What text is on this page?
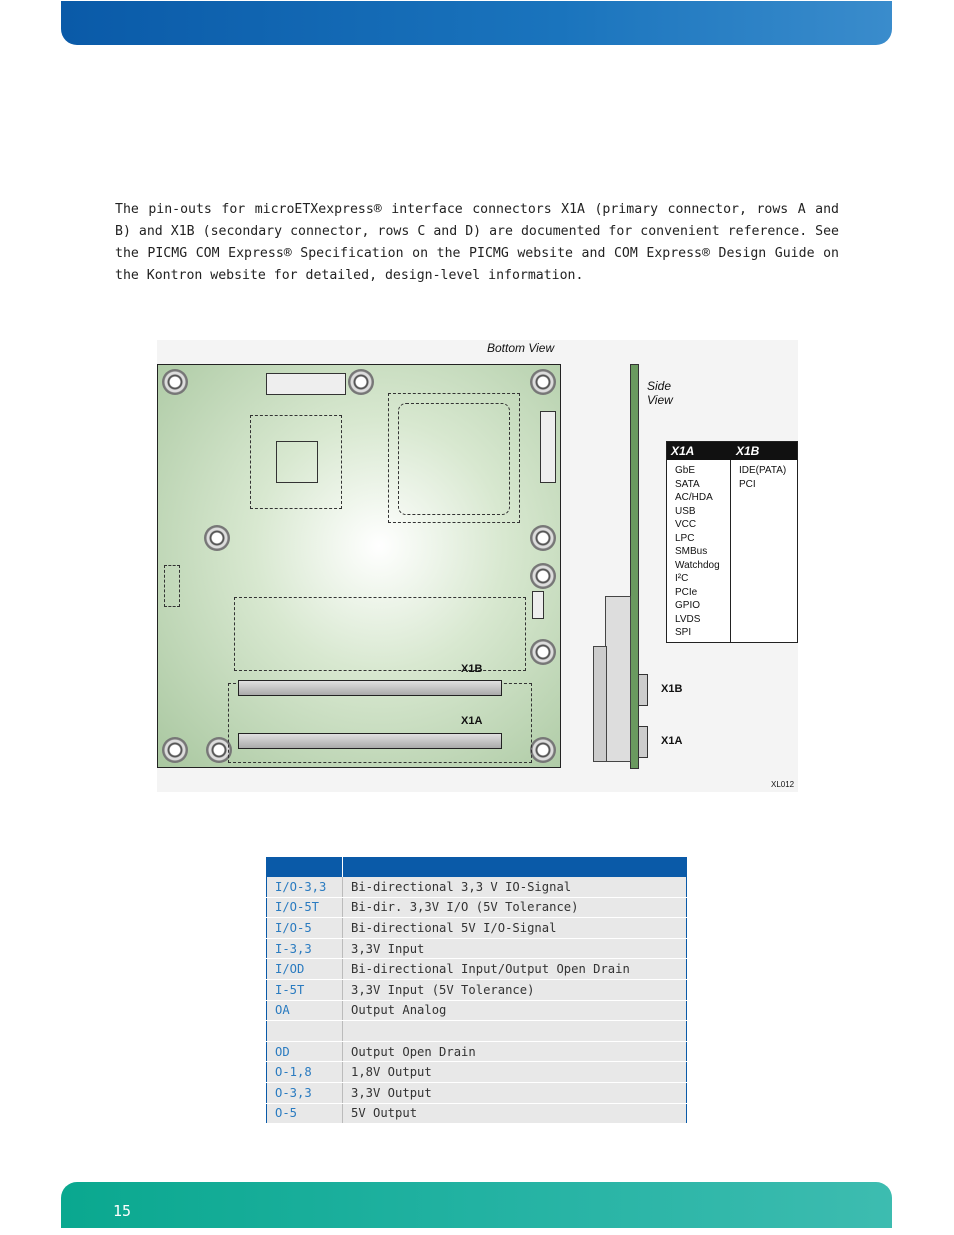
The pin-outs for microETXexpress® interface connectors X1A (primary connector, rows A and B) and X1B (secondary connector, rows C and D) are documented for convenient reference. See the PICMG COM Express® Specification on the PICMG website and COM Express® Design Guide on the Kontron website for detailed, design-level information.

Bottom View
X1B
X1A
X1B
X1A
Side View
X1A	X1B
GbE
SATA
AC/HDA
USB
VCC
LPC
SMBus
Watchdog
I²C
PCIe
GPIO
LVDS
SPI
IDE(PATA)
PCI
XL012

I/O-3,3	Bi-directional 3,3 V IO-Signal
I/O-5T	Bi-dir. 3,3V I/O (5V Tolerance)
I/O-5	Bi-directional 5V I/O-Signal
I-3,3	3,3V Input
I/OD	Bi-directional Input/Output Open Drain
I-5T	3,3V Input (5V Tolerance)
OA	Output Analog

OD	Output Open Drain
O-1,8	1,8V Output
O-3,3	3,3V Output
O-5	5V Output
15
